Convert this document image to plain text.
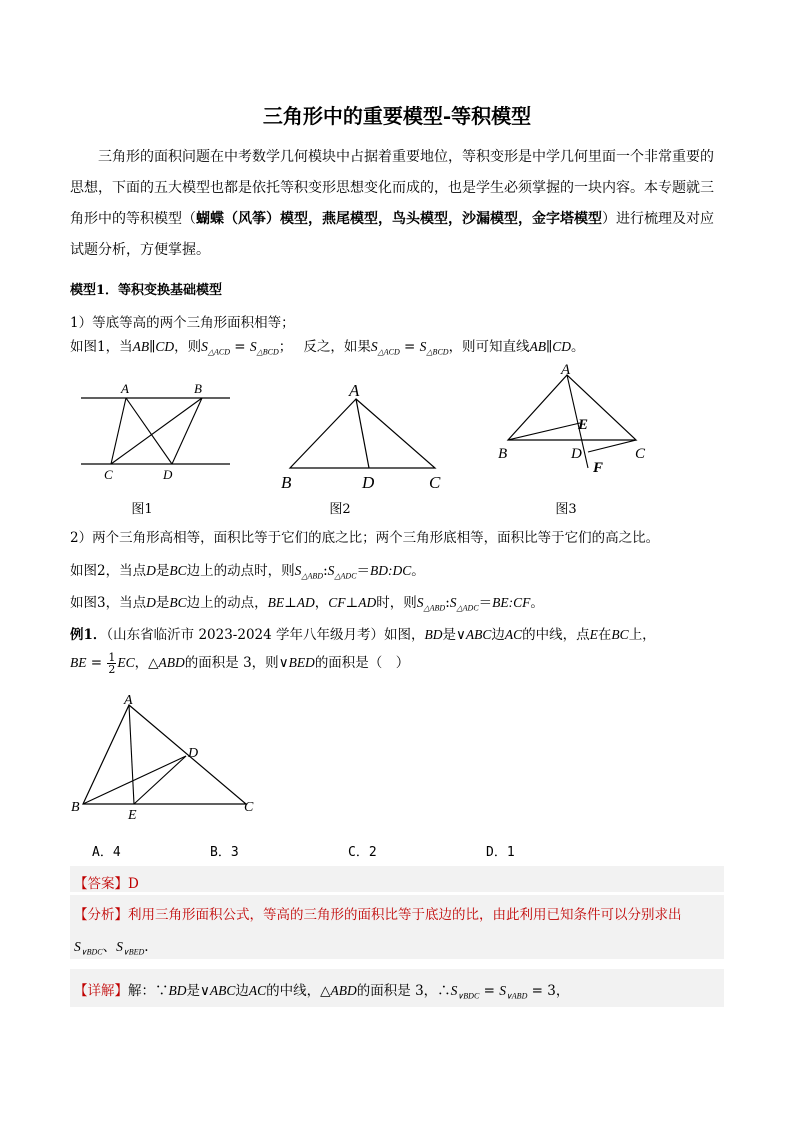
三角形中的重要模型-等积模型
三角形的面积问题在中考数学几何模块中占据着重要地位，等积变形是中学几何里面一个非常重要的思想，下面的五大模型也都是依托等积变形思想变化而成的，也是学生必须掌握的一块内容。本专题就三角形中的等积模型（蝴蝶（风筝）模型，燕尾模型，鸟头模型，沙漏模型，金字塔模型）进行梳理及对应试题分析，方便掌握。
模型1．等积变换基础模型
1）等底等高的两个三角形面积相等；
如图1，当AB∥CD，则$S_{\triangle ACD} = S_{\triangle BCD}$；　 反之，如果$S_{\triangle ACD} = S_{\triangle BCD}$，则可知直线AB∥CD。
A	B
C	D
A
B	D	C
A
E
B	D	C
F
图1	图2	图3
2）两个三角形高相等，面积比等于它们的底之比；两个三角形底相等，面积比等于它们的高之比。
如图2，当点D是BC边上的动点时，则$S_{\triangle ABD}:S_{\triangle ADC}=BD:DC$。
如图3，当点D是BC边上的动点，BE⊥AD，CF⊥AD时，则$S_{\triangle ABD}:S_{\triangle ADC}=BE:CF$。
例1．（山东省临沂市 2023-2024 学年八年级月考）如图，BD是∨ABC边AC的中线，点E在BC上，
BE = $\frac{1}{2}$ EC，△ABD的面积是 3，则∨BED的面积是（　）
A
D
B
E
C
A．4	B．3	C．2	D．1
【答案】D
【分析】利用三角形面积公式，等高的三角形的面积比等于底边的比，由此利用已知条件可以分别求出
$S_{\vee BDC}$、$S_{\vee BED}$.
【详解】解：∵BD是∨ABC边AC的中线，△ABD的面积是 3，$\therefore S_{\vee BDC} = S_{\vee ABD} = 3$，
